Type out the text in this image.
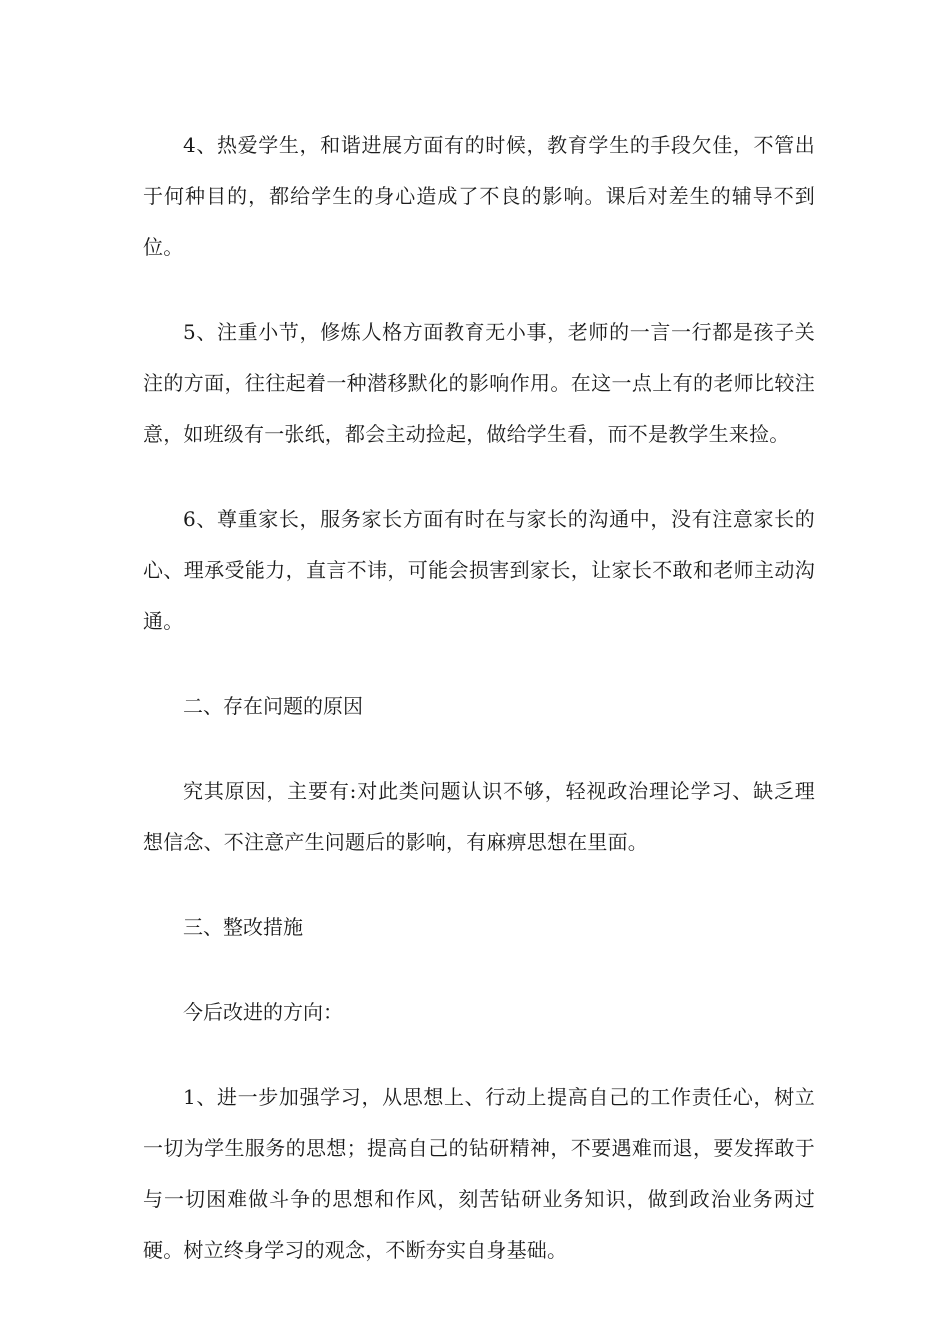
4、热爱学生，和谐进展方面有的时候，教育学生的手段欠佳，不管出于何种目的，都给学生的身心造成了不良的影响。课后对差生的辅导不到位。

5、注重小节，修炼人格方面教育无小事，老师的一言一行都是孩子关注的方面，往往起着一种潜移默化的影响作用。在这一点上有的老师比较注意，如班级有一张纸，都会主动捡起，做给学生看，而不是教学生来捡。

6、尊重家长，服务家长方面有时在与家长的沟通中，没有注意家长的心、理承受能力，直言不讳，可能会损害到家长，让家长不敢和老师主动沟通。

二、存在问题的原因

究其原因，主要有:对此类问题认识不够，轻视政治理论学习、缺乏理想信念、不注意产生问题后的影响，有麻痹思想在里面。

三、整改措施

今后改进的方向：

1、进一步加强学习，从思想上、行动上提高自己的工作责任心，树立一切为学生服务的思想；提高自己的钻研精神，不要遇难而退，要发挥敢于与一切困难做斗争的思想和作风，刻苦钻研业务知识，做到政治业务两过硬。树立终身学习的观念，不断夯实自身基础。
